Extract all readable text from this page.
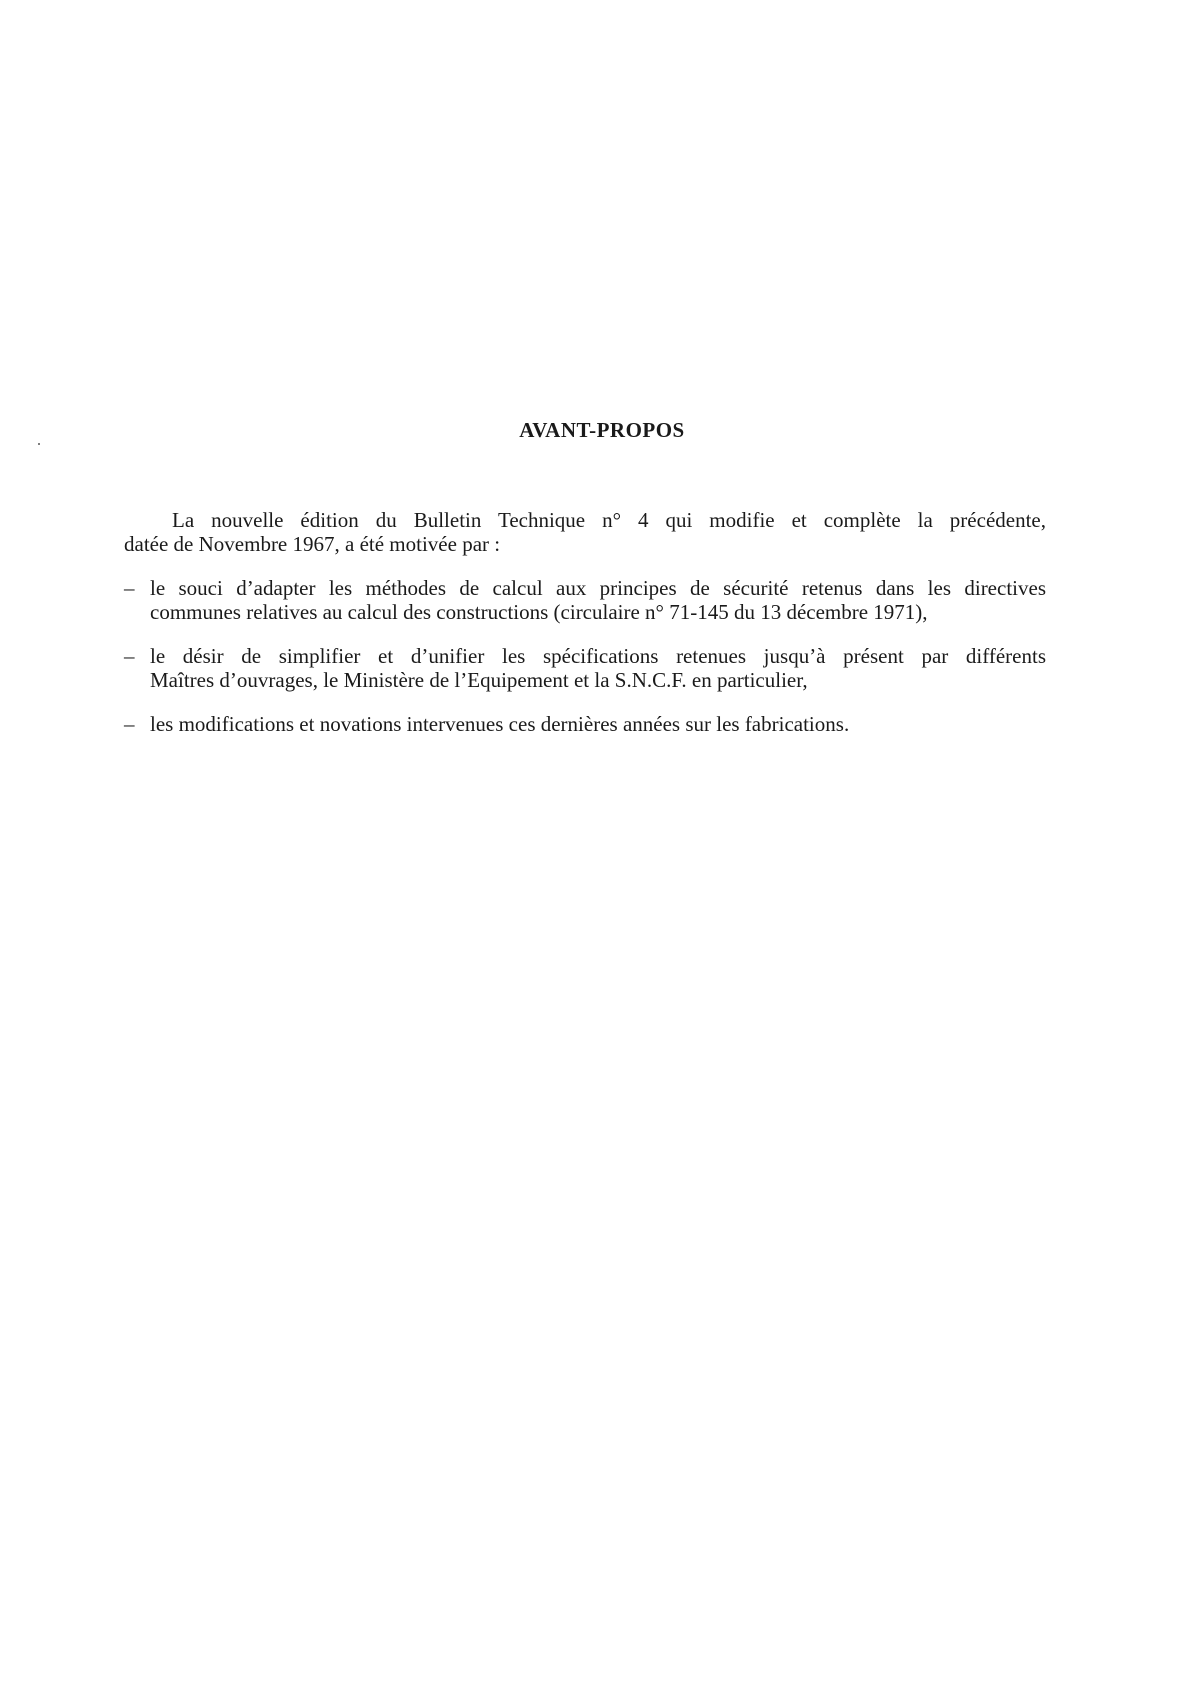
AVANT-PROPOS
La nouvelle édition du Bulletin Technique n° 4 qui modifie et complète la précédente,
datée de Novembre 1967, a été motivée par :
– le souci d’adapter les méthodes de calcul aux principes de sécurité retenus dans les directives
communes relatives au calcul des constructions (circulaire n° 71-145 du 13 décembre 1971),
– le désir de simplifier et d’unifier les spécifications retenues jusqu’à présent par différents
Maîtres d’ouvrages, le Ministère de l’Equipement et la S.N.C.F. en particulier,
– les modifications et novations intervenues ces dernières années sur les fabrications.
